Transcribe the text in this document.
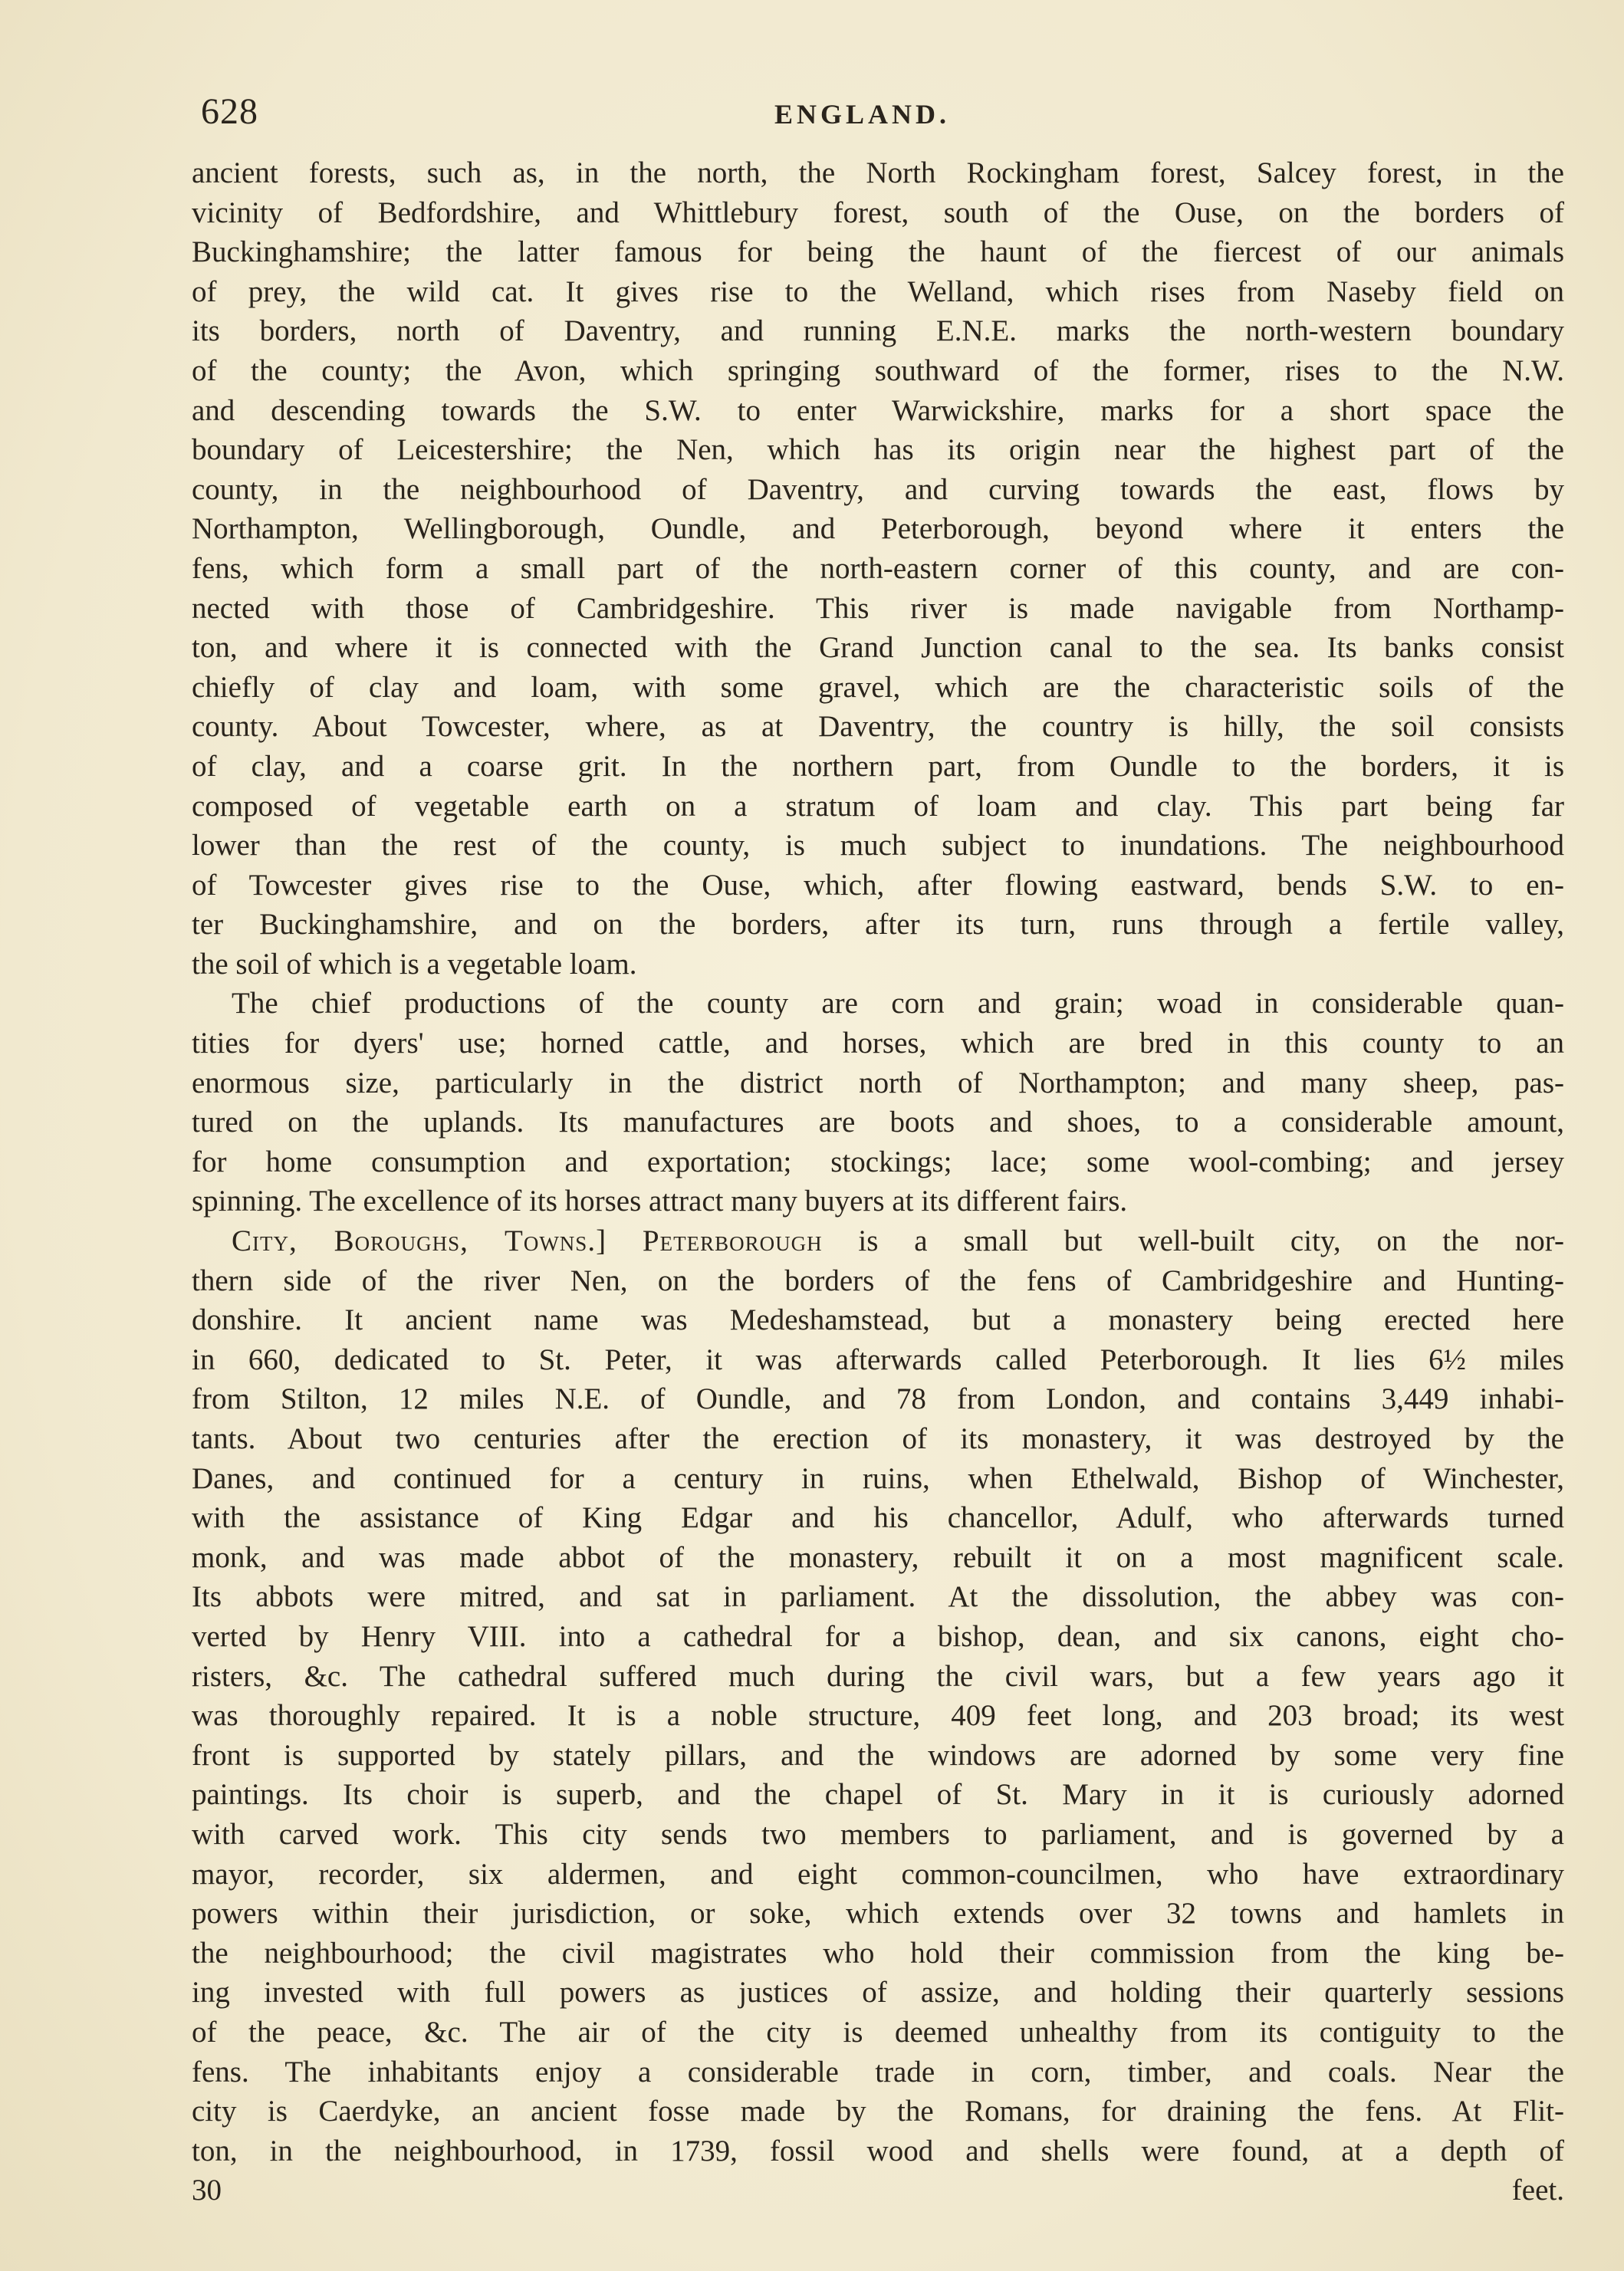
628	ENGLAND.
ancient forests, such as, in the north, the North Rockingham forest, Salcey forest, in the
vicinity of Bedfordshire, and Whittlebury forest, south of the Ouse, on the borders of
Buckinghamshire; the latter famous for being the haunt of the fiercest of our animals
of prey, the wild cat. It gives rise to the Welland, which rises from Naseby field on
its borders, north of Daventry, and running E.N.E. marks the north-western boundary
of the county; the Avon, which springing southward of the former, rises to the N.W.
and descending towards the S.W. to enter Warwickshire, marks for a short space the
boundary of Leicestershire; the Nen, which has its origin near the highest part of the
county, in the neighbourhood of Daventry, and curving towards the east, flows by
Northampton, Wellingborough, Oundle, and Peterborough, beyond where it enters the
fens, which form a small part of the north-eastern corner of this county, and are con-
nected with those of Cambridgeshire. This river is made navigable from Northamp-
ton, and where it is connected with the Grand Junction canal to the sea. Its banks consist
chiefly of clay and loam, with some gravel, which are the characteristic soils of the
county. About Towcester, where, as at Daventry, the country is hilly, the soil consists
of clay, and a coarse grit. In the northern part, from Oundle to the borders, it is
composed of vegetable earth on a stratum of loam and clay. This part being far
lower than the rest of the county, is much subject to inundations. The neighbourhood
of Towcester gives rise to the Ouse, which, after flowing eastward, bends S.W. to en-
ter Buckinghamshire, and on the borders, after its turn, runs through a fertile valley,
the soil of which is a vegetable loam.
The chief productions of the county are corn and grain; woad in considerable quan-
tities for dyers' use; horned cattle, and horses, which are bred in this county to an
enormous size, particularly in the district north of Northampton; and many sheep, pas-
tured on the uplands. Its manufactures are boots and shoes, to a considerable amount,
for home consumption and exportation; stockings; lace; some wool-combing; and jersey
spinning. The excellence of its horses attract many buyers at its different fairs.
City, Boroughs, Towns.] Peterborough is a small but well-built city, on the nor-
thern side of the river Nen, on the borders of the fens of Cambridgeshire and Hunting-
donshire. It ancient name was Medeshamstead, but a monastery being erected here
in 660, dedicated to St. Peter, it was afterwards called Peterborough. It lies 6½ miles
from Stilton, 12 miles N.E. of Oundle, and 78 from London, and contains 3,449 inhabi-
tants. About two centuries after the erection of its monastery, it was destroyed by the
Danes, and continued for a century in ruins, when Ethelwald, Bishop of Winchester,
with the assistance of King Edgar and his chancellor, Adulf, who afterwards turned
monk, and was made abbot of the monastery, rebuilt it on a most magnificent scale.
Its abbots were mitred, and sat in parliament. At the dissolution, the abbey was con-
verted by Henry VIII. into a cathedral for a bishop, dean, and six canons, eight cho-
risters, &c. The cathedral suffered much during the civil wars, but a few years ago it
was thoroughly repaired. It is a noble structure, 409 feet long, and 203 broad; its west
front is supported by stately pillars, and the windows are adorned by some very fine
paintings. Its choir is superb, and the chapel of St. Mary in it is curiously adorned
with carved work. This city sends two members to parliament, and is governed by a
mayor, recorder, six aldermen, and eight common-councilmen, who have extraordinary
powers within their jurisdiction, or soke, which extends over 32 towns and hamlets in
the neighbourhood; the civil magistrates who hold their commission from the king be-
ing invested with full powers as justices of assize, and holding their quarterly sessions
of the peace, &c. The air of the city is deemed unhealthy from its contiguity to the
fens. The inhabitants enjoy a considerable trade in corn, timber, and coals. Near the
city is Caerdyke, an ancient fosse made by the Romans, for draining the fens. At Flit-
ton, in the neighbourhood, in 1739, fossil wood and shells were found, at a depth of
30 feet.
